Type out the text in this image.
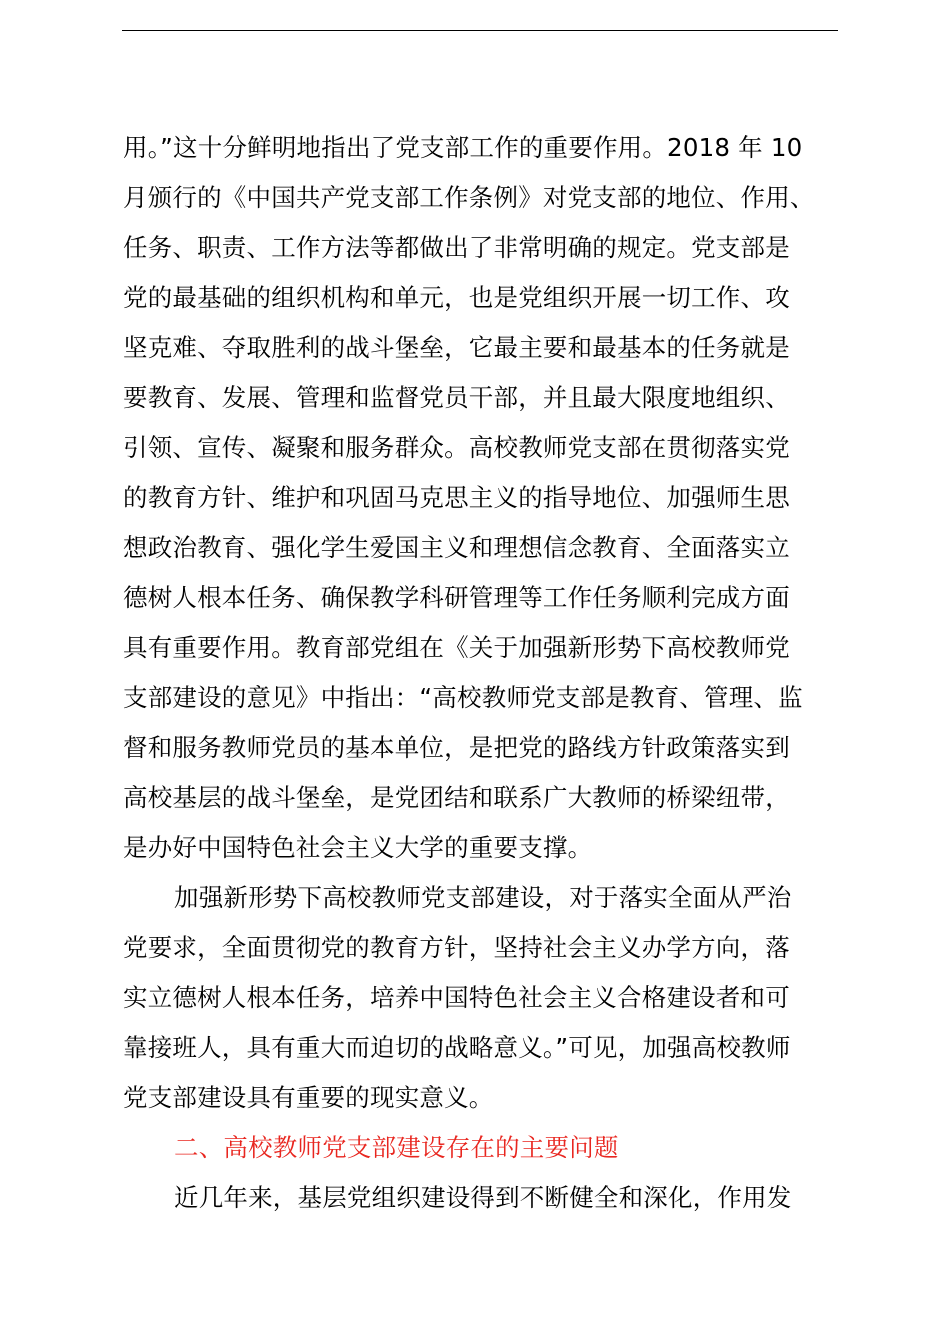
用。”这十分鲜明地指出了党支部工作的重要作用。2018 年 10
月颁行的《中国共产党支部工作条例》对党支部的地位、作用、
任务、职责、工作方法等都做出了非常明确的规定。党支部是
党的最基础的组织机构和单元，也是党组织开展一切工作、攻
坚克难、夺取胜利的战斗堡垒，它最主要和最基本的任务就是
要教育、发展、管理和监督党员干部，并且最大限度地组织、
引领、宣传、凝聚和服务群众。高校教师党支部在贯彻落实党
的教育方针、维护和巩固马克思主义的指导地位、加强师生思
想政治教育、强化学生爱国主义和理想信念教育、全面落实立
德树人根本任务、确保教学科研管理等工作任务顺利完成方面
具有重要作用。教育部党组在《关于加强新形势下高校教师党
支部建设的意见》中指出：“高校教师党支部是教育、管理、监
督和服务教师党员的基本单位，是把党的路线方针政策落实到
高校基层的战斗堡垒，是党团结和联系广大教师的桥梁纽带，
是办好中国特色社会主义大学的重要支撑。
加强新形势下高校教师党支部建设，对于落实全面从严治
党要求，全面贯彻党的教育方针，坚持社会主义办学方向，落
实立德树人根本任务，培养中国特色社会主义合格建设者和可
靠接班人，具有重大而迫切的战略意义。”可见，加强高校教师
党支部建设具有重要的现实意义。
二、高校教师党支部建设存在的主要问题
近几年来，基层党组织建设得到不断健全和深化，作用发
